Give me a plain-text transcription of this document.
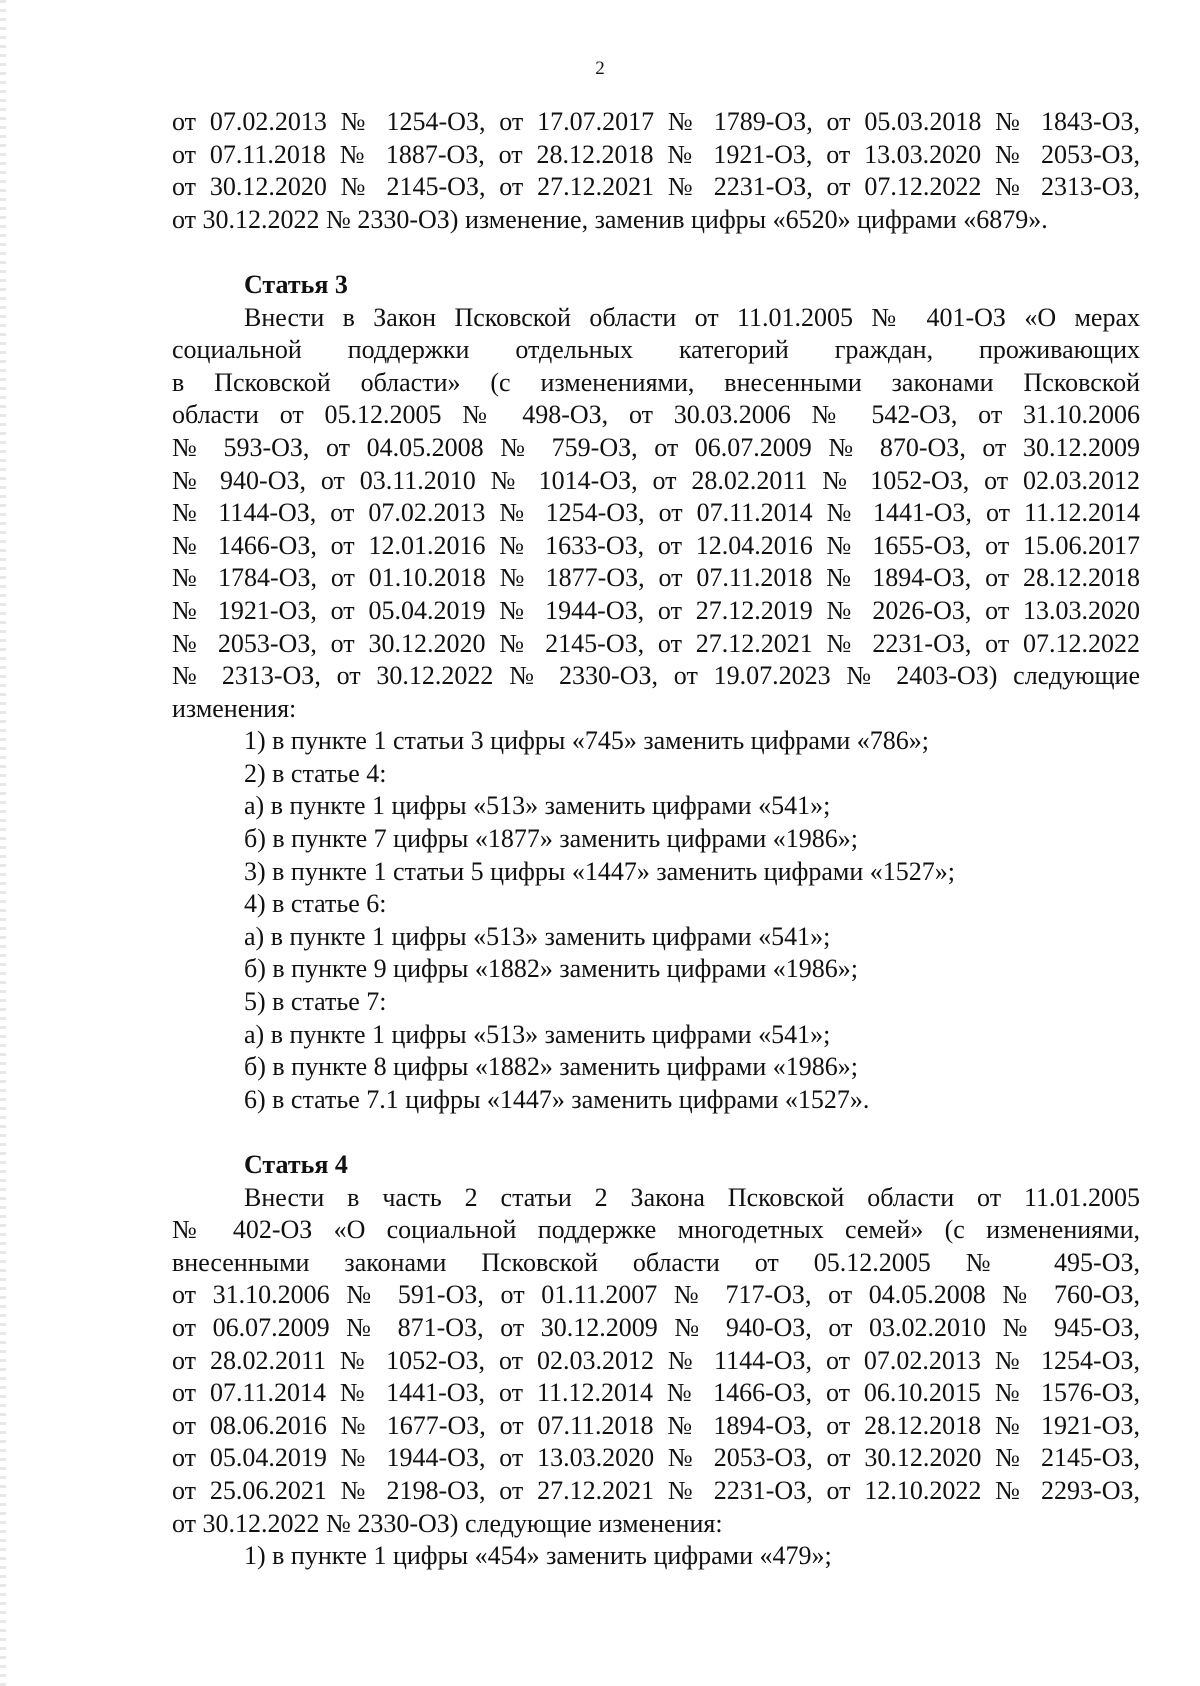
2

от 07.02.2013 № 1254-ОЗ, от 17.07.2017 № 1789-ОЗ, от 05.03.2018 № 1843-ОЗ,

от 07.11.2018 № 1887-ОЗ, от 28.12.2018 № 1921-ОЗ, от 13.03.2020 № 2053-ОЗ,

от 30.12.2020 № 2145-ОЗ, от 27.12.2021 № 2231-ОЗ, от 07.12.2022 № 2313-ОЗ,

от 30.12.2022 № 2330-ОЗ) изменение, заменив цифры «6520» цифрами «6879».

Статья 3

Внести в Закон Псковской области от 11.01.2005 № 401-ОЗ «О мерах

социальной поддержки отдельных категорий граждан, проживающих

в Псковской области» (с изменениями, внесенными законами Псковской

области от 05.12.2005 № 498-ОЗ, от 30.03.2006 № 542-ОЗ, от 31.10.2006

№ 593-ОЗ, от 04.05.2008 № 759-ОЗ, от 06.07.2009 № 870-ОЗ, от 30.12.2009

№ 940-ОЗ, от 03.11.2010 № 1014-ОЗ, от 28.02.2011 № 1052-ОЗ, от 02.03.2012

№ 1144-ОЗ, от 07.02.2013 № 1254-ОЗ, от 07.11.2014 № 1441-ОЗ, от 11.12.2014

№ 1466-ОЗ, от 12.01.2016 № 1633-ОЗ, от 12.04.2016 № 1655-ОЗ, от 15.06.2017

№ 1784-ОЗ, от 01.10.2018 № 1877-ОЗ, от 07.11.2018 № 1894-ОЗ, от 28.12.2018

№ 1921-ОЗ, от 05.04.2019 № 1944-ОЗ, от 27.12.2019 № 2026-ОЗ, от 13.03.2020

№ 2053-ОЗ, от 30.12.2020 № 2145-ОЗ, от 27.12.2021 № 2231-ОЗ, от 07.12.2022

№ 2313-ОЗ, от 30.12.2022 № 2330-ОЗ, от 19.07.2023 № 2403-ОЗ) следующие

изменения:

1) в пункте 1 статьи 3 цифры «745» заменить цифрами «786»;

2) в статье 4:

а) в пункте 1 цифры «513» заменить цифрами «541»;

б) в пункте 7 цифры «1877» заменить цифрами «1986»;

3) в пункте 1 статьи 5 цифры «1447» заменить цифрами «1527»;

4) в статье 6:

а) в пункте 1 цифры «513» заменить цифрами «541»;

б) в пункте 9 цифры «1882» заменить цифрами «1986»;

5) в статье 7:

а) в пункте 1 цифры «513» заменить цифрами «541»;

б) в пункте 8 цифры «1882» заменить цифрами «1986»;

6) в статье 7.1 цифры «1447» заменить цифрами «1527».

Статья 4

Внести в часть 2 статьи 2 Закона Псковской области от 11.01.2005

№ 402-ОЗ «О социальной поддержке многодетных семей» (с изменениями,

внесенными законами Псковской области от 05.12.2005 № 495-ОЗ,

от 31.10.2006 № 591-ОЗ, от 01.11.2007 № 717-ОЗ, от 04.05.2008 № 760-ОЗ,

от 06.07.2009 № 871-ОЗ, от 30.12.2009 № 940-ОЗ, от 03.02.2010 № 945-ОЗ,

от 28.02.2011 № 1052-ОЗ, от 02.03.2012 № 1144-ОЗ, от 07.02.2013 № 1254-ОЗ,

от 07.11.2014 № 1441-ОЗ, от 11.12.2014 № 1466-ОЗ, от 06.10.2015 № 1576-ОЗ,

от 08.06.2016 № 1677-ОЗ, от 07.11.2018 № 1894-ОЗ, от 28.12.2018 № 1921-ОЗ,

от 05.04.2019 № 1944-ОЗ, от 13.03.2020 № 2053-ОЗ, от 30.12.2020 № 2145-ОЗ,

от 25.06.2021 № 2198-ОЗ, от 27.12.2021 № 2231-ОЗ, от 12.10.2022 № 2293-ОЗ,

от 30.12.2022 № 2330-ОЗ) следующие изменения:

1) в пункте 1 цифры «454» заменить цифрами «479»;
